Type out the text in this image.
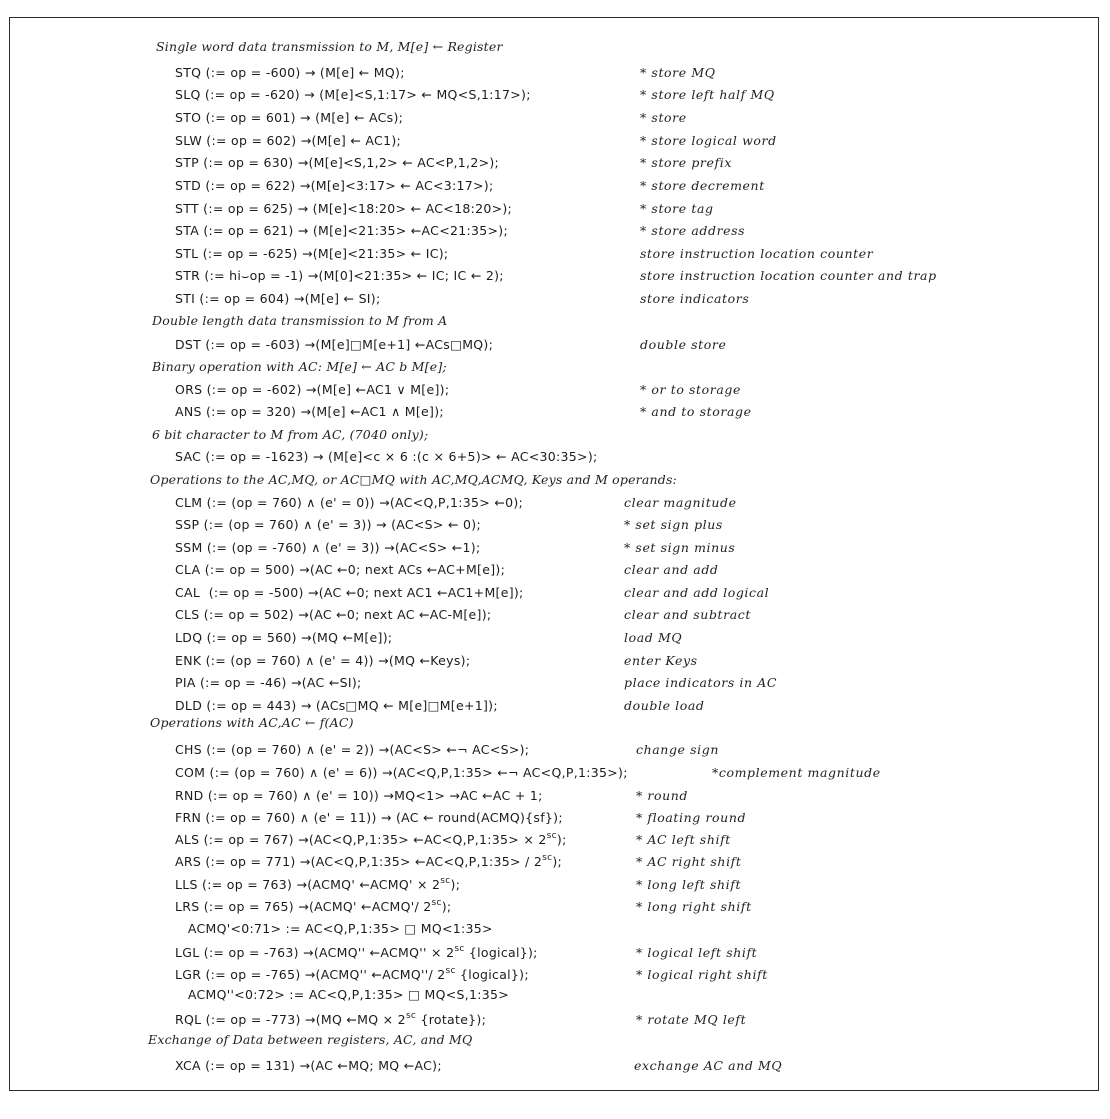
Single word data transmission to M, M[e] ← Register
STQ (:= op = -600) → (M[e] ← MQ);	* store MQ
SLQ (:= op = -620) → (M[e]<S,1:17> ← MQ<S,1:17>);	* store left half MQ
STO (:= op = 601) → (M[e] ← ACs);	* store
SLW (:= op = 602) →(M[e] ← AC1);	* store logical word
STP (:= op = 630) →(M[e]<S,1,2> ← AC<P,1,2>);	* store prefix
STD (:= op = 622) →(M[e]<3:17> ← AC<3:17>);	* store decrement
STT (:= op = 625) → (M[e]<18:20> ← AC<18:20>);	* store tag
STA (:= op = 621) → (M[e]<21:35> ←AC<21:35>);	* store address
STL (:= op = -625) →(M[e]<21:35> ← IC);	store instruction location counter
STR (:= hi⌣op = -1) →(M[0]<21:35> ← IC; IC ← 2);	store instruction location counter and trap
STI (:= op = 604) →(M[e] ← SI);	store indicators
Double length data transmission to M from A
DST (:= op = -603) →(M[e]□M[e+1] ←ACs□MQ);	double store
Binary operation with AC: M[e] ← AC b M[e];
ORS (:= op = -602) →(M[e] ←AC1 ∨ M[e]);	* or to storage
ANS (:= op = 320) →(M[e] ←AC1 ∧ M[e]);	* and to storage
6 bit character to M from AC, (7040 only);
SAC (:= op = -1623) → (M[e]<c × 6 :(c × 6+5)> ← AC<30:35>);
Operations to the AC,MQ, or AC□MQ with AC,MQ,ACMQ, Keys and M operands:
CLM (:= (op = 760) ∧ (e' = 0)) →(AC<Q,P,1:35> ←0);	clear magnitude
SSP (:= (op = 760) ∧ (e' = 3)) → (AC<S> ← 0);	* set sign plus
SSM (:= (op = -760) ∧ (e' = 3)) →(AC<S> ←1);	* set sign minus
CLA (:= op = 500) →(AC ←0; next ACs ←AC+M[e]);	clear and add
CAL  (:= op = -500) →(AC ←0; next AC1 ←AC1+M[e]);	clear and add logical
CLS (:= op = 502) →(AC ←0; next AC ←AC-M[e]);	clear and subtract
LDQ (:= op = 560) →(MQ ←M[e]);	load MQ
ENK (:= (op = 760) ∧ (e' = 4)) →(MQ ←Keys);	enter Keys
PIA (:= op = -46) →(AC ←SI);	place indicators in AC
DLD (:= op = 443) → (ACs□MQ ← M[e]□M[e+1]);	double load
Operations with AC,AC ← f(AC)
CHS (:= (op = 760) ∧ (e' = 2)) →(AC<S> ←¬ AC<S>);	change sign
COM (:= (op = 760) ∧ (e' = 6)) →(AC<Q,P,1:35> ←¬ AC<Q,P,1:35>);	*complement magnitude
RND (:= op = 760) ∧ (e' = 10)) →MQ<1> →AC ←AC + 1;	* round
FRN (:= op = 760) ∧ (e' = 11)) → (AC ← round(ACMQ){sf});	* floating round
ALS (:= op = 767) →(AC<Q,P,1:35> ←AC<Q,P,1:35> × $2^{sc}$);	* AC left shift
ARS (:= op = 771) →(AC<Q,P,1:35> ←AC<Q,P,1:35> / $2^{sc}$);	* AC right shift
LLS (:= op = 763) →(ACMQ' ←ACMQ' × $2^{sc}$);	* long left shift
LRS (:= op = 765) →(ACMQ' ←ACMQ'/ $2^{sc}$);	* long right shift
ACMQ'<0:71> := AC<Q,P,1:35> □ MQ<1:35>
LGL (:= op = -763) →(ACMQ'' ←ACMQ'' × $2^{sc}$ {logical});	* logical left shift
LGR (:= op = -765) →(ACMQ'' ←ACMQ''/ $2^{sc}$ {logical});	* logical right shift
ACMQ''<0:72> := AC<Q,P,1:35> □ MQ<S,1:35>
RQL (:= op = -773) →(MQ ←MQ × $2^{sc}$ {rotate});	* rotate MQ left
Exchange of Data between registers, AC, and MQ
XCA (:= op = 131) →(AC ←MQ; MQ ←AC);	exchange AC and MQ
